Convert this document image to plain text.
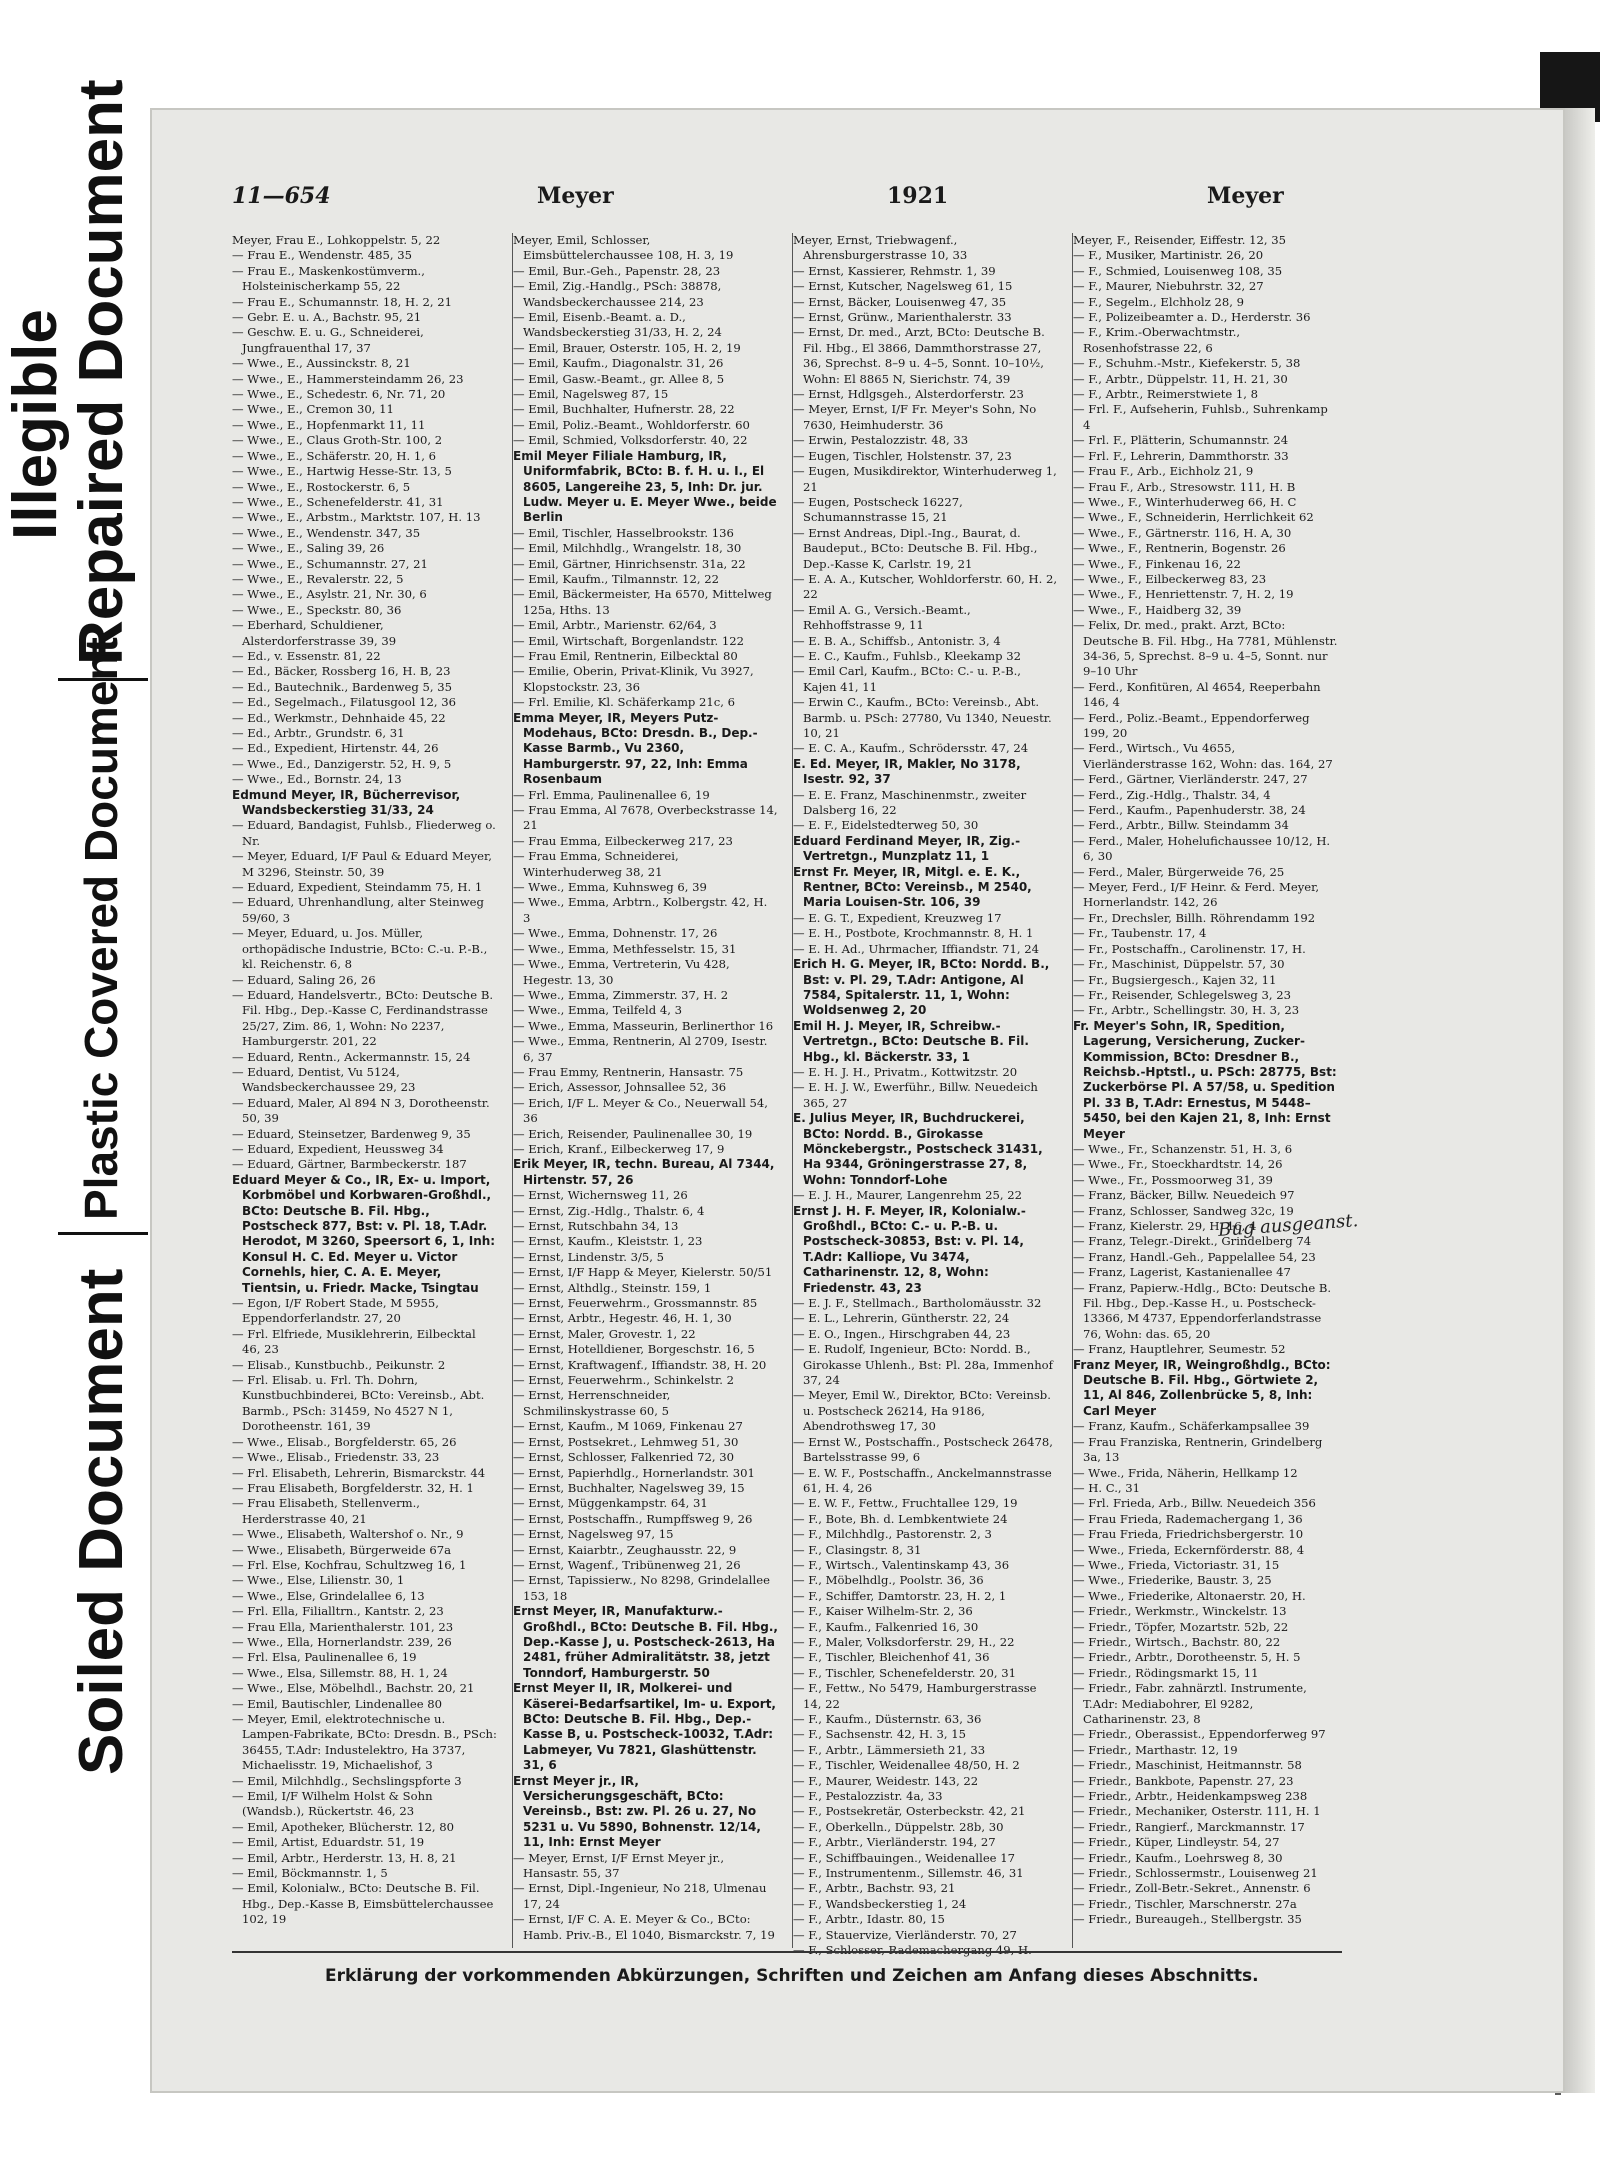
Illegible
Repaired Document
Plastic Covered Document
Soiled Document
11—654	Meyer	1921	Meyer
Meyer, Frau E., Lohkoppelstr. 5, 22
— Frau E., Wendenstr. 485, 35
— Frau E., Maskenkostümverm., Holsteinischerkamp 55, 22
— Frau E., Schumannstr. 18, H. 2, 21
— Gebr. E. u. A., Bachstr. 95, 21
— Geschw. E. u. G., Schneiderei, Jungfrauenthal 17, 37
— Wwe., E., Aussinckstr. 8, 21
— Wwe., E., Hammersteindamm 26, 23
— Wwe., E., Schedestr. 6, Nr. 71, 20
— Wwe., E., Cremon 30, 11
— Wwe., E., Hopfenmarkt 11, 11
— Wwe., E., Claus Groth-Str. 100, 2
— Wwe., E., Schäferstr. 20, H. 1, 6
— Wwe., E., Hartwig Hesse-Str. 13, 5
— Wwe., E., Rostockerstr. 6, 5
— Wwe., E., Schenefelderstr. 41, 31
— Wwe., E., Arbstm., Marktstr. 107, H. 13
— Wwe., E., Wendenstr. 347, 35
— Wwe., E., Saling 39, 26
— Wwe., E., Schumannstr. 27, 21
— Wwe., E., Revalerstr. 22, 5
— Wwe., E., Asylstr. 21, Nr. 30, 6
— Wwe., E., Speckstr. 80, 36
— Eberhard, Schuldiener, Alsterdorferstrasse 39, 39
— Ed., v. Essenstr. 81, 22
— Ed., Bäcker, Rossberg 16, H. B, 23
— Ed., Bautechnik., Bardenweg 5, 35
— Ed., Segelmach., Filatusgool 12, 36
— Ed., Werkmstr., Dehnhaide 45, 22
— Ed., Arbtr., Grundstr. 6, 31
— Ed., Expedient, Hirtenstr. 44, 26
— Wwe., Ed., Danzigerstr. 52, H. 9, 5
— Wwe., Ed., Bornstr. 24, 13
Edmund Meyer, IR, Bücherrevisor, Wandsbeckerstieg 31/33, 24
— Eduard, Bandagist, Fuhlsb., Fliederweg o. Nr.
— Meyer, Eduard, I/F Paul & Eduard Meyer, M 3296, Steinstr. 50, 39
— Eduard, Expedient, Steindamm 75, H. 1
— Eduard, Uhrenhandlung, alter Steinweg 59/60, 3
— Meyer, Eduard, u. Jos. Müller, orthopädische Industrie, BCto: C.-u. P.-B., kl. Reichenstr. 6, 8
— Eduard, Saling 26, 26
— Eduard, Handelsvertr., BCto: Deutsche B. Fil. Hbg., Dep.-Kasse C, Ferdinandstrasse 25/27, Zim. 86, 1, Wohn: No 2237, Hamburgerstr. 201, 22
— Eduard, Rentn., Ackermannstr. 15, 24
— Eduard, Dentist, Vu 5124, Wandsbeckerchaussee 29, 23
— Eduard, Maler, Al 894 N 3, Dorotheenstr. 50, 39
— Eduard, Steinsetzer, Bardenweg 9, 35
— Eduard, Expedient, Heussweg 34
— Eduard, Gärtner, Barmbeckerstr. 187
Eduard Meyer & Co., IR, Ex- u. Import, Korbmöbel und Korbwaren-Großhdl., BCto: Deutsche B. Fil. Hbg., Postscheck 877, Bst: v. Pl. 18, T.Adr. Herodot, M 3260, Speersort 6, 1, Inh: Konsul H. C. Ed. Meyer u. Victor Cornehls, hier, C. A. E. Meyer, Tientsin, u. Friedr. Macke, Tsingtau
— Egon, I/F Robert Stade, M 5955, Eppendorferlandstr. 27, 20
— Frl. Elfriede, Musiklehrerin, Eilbecktal 46, 23
— Elisab., Kunstbuchb., Peikunstr. 2
— Frl. Elisab. u. Frl. Th. Dohrn, Kunstbuchbinderei, BCto: Vereinsb., Abt. Barmb., PSch: 31459, No 4527 N 1, Dorotheenstr. 161, 39
— Wwe., Elisab., Borgfelderstr. 65, 26
— Wwe., Elisab., Friedenstr. 33, 23
— Frl. Elisabeth, Lehrerin, Bismarckstr. 44
— Frau Elisabeth, Borgfelderstr. 32, H. 1
— Frau Elisabeth, Stellenverm., Herderstrasse 40, 21
— Wwe., Elisabeth, Waltershof o. Nr., 9
— Wwe., Elisabeth, Bürgerweide 67a
— Frl. Else, Kochfrau, Schultzweg 16, 1
— Wwe., Else, Lilienstr. 30, 1
— Wwe., Else, Grindelallee 6, 13
— Frl. Ella, Filialltrn., Kantstr. 2, 23
— Frau Ella, Marienthalerstr. 101, 23
— Wwe., Ella, Hornerlandstr. 239, 26
— Frl. Elsa, Paulinenallee 6, 19
— Wwe., Elsa, Sillemstr. 88, H. 1, 24
— Wwe., Else, Möbelhdl., Bachstr. 20, 21
— Emil, Bautischler, Lindenallee 80
— Meyer, Emil, elektrotechnische u. Lampen-Fabrikate, BCto: Dresdn. B., PSch: 36455, T.Adr: Industelektro, Ha 3737, Michaelisstr. 19, Michaelishof, 3
— Emil, Milchhdlg., Sechslingspforte 3
— Emil, I/F Wilhelm Holst & Sohn (Wandsb.), Rückertstr. 46, 23
— Emil, Apotheker, Blücherstr. 12, 80
— Emil, Artist, Eduardstr. 51, 19
— Emil, Arbtr., Herderstr. 13, H. 8, 21
— Emil, Böckmannstr. 1, 5
— Emil, Kolonialw., BCto: Deutsche B. Fil. Hbg., Dep.-Kasse B, Eimsbüttelerchaussee 102, 19
Meyer, Emil, Schlosser, Eimsbüttelerchaussee 108, H. 3, 19
— Emil, Bur.-Geh., Papenstr. 28, 23
— Emil, Zig.-Handlg., PSch: 38878, Wandsbeckerchaussee 214, 23
— Emil, Eisenb.-Beamt. a. D., Wandsbeckerstieg 31/33, H. 2, 24
— Emil, Brauer, Osterstr. 105, H. 2, 19
— Emil, Kaufm., Diagonalstr. 31, 26
— Emil, Gasw.-Beamt., gr. Allee 8, 5
— Emil, Nagelsweg 87, 15
— Emil, Buchhalter, Hufnerstr. 28, 22
— Emil, Poliz.-Beamt., Wohldorferstr. 60
— Emil, Schmied, Volksdorferstr. 40, 22
Emil Meyer Filiale Hamburg, IR, Uniformfabrik, BCto: B. f. H. u. I., El 8605, Langereihe 23, 5, Inh: Dr. jur. Ludw. Meyer u. E. Meyer Wwe., beide Berlin
— Emil, Tischler, Hasselbrookstr. 136
— Emil, Milchhdlg., Wrangelstr. 18, 30
— Emil, Gärtner, Hinrichsenstr. 31a, 22
— Emil, Kaufm., Tilmannstr. 12, 22
— Emil, Bäckermeister, Ha 6570, Mittelweg 125a, Hths. 13
— Emil, Arbtr., Marienstr. 62/64, 3
— Emil, Wirtschaft, Borgenlandstr. 122
— Frau Emil, Rentnerin, Eilbecktal 80
— Emilie, Oberin, Privat-Klinik, Vu 3927, Klopstockstr. 23, 36
— Frl. Emilie, Kl. Schäferkamp 21c, 6
Emma Meyer, IR, Meyers Putz-Modehaus, BCto: Dresdn. B., Dep.-Kasse Barmb., Vu 2360, Hamburgerstr. 97, 22, Inh: Emma Rosenbaum
— Frl. Emma, Paulinenallee 6, 19
— Frau Emma, Al 7678, Overbeckstrasse 14, 21
— Frau Emma, Eilbeckerweg 217, 23
— Frau Emma, Schneiderei, Winterhuderweg 38, 21
— Wwe., Emma, Kuhnsweg 6, 39
— Wwe., Emma, Arbtrn., Kolbergstr. 42, H. 3
— Wwe., Emma, Dohnenstr. 17, 26
— Wwe., Emma, Methfesselstr. 15, 31
— Wwe., Emma, Vertreterin, Vu 428, Hegestr. 13, 30
— Wwe., Emma, Zimmerstr. 37, H. 2
— Wwe., Emma, Teilfeld 4, 3
— Wwe., Emma, Masseurin, Berlinerthor 16
— Wwe., Emma, Rentnerin, Al 2709, Isestr. 6, 37
— Frau Emmy, Rentnerin, Hansastr. 75
— Erich, Assessor, Johnsallee 52, 36
— Erich, I/F L. Meyer & Co., Neuerwall 54, 36
— Erich, Reisender, Paulinenallee 30, 19
— Erich, Kranf., Eilbeckerweg 17, 9
Erik Meyer, IR, techn. Bureau, Al 7344, Hirtenstr. 57, 26
— Ernst, Wichernsweg 11, 26
— Ernst, Zig.-Hdlg., Thalstr. 6, 4
— Ernst, Rutschbahn 34, 13
— Ernst, Kaufm., Kleiststr. 1, 23
— Ernst, Lindenstr. 3/5, 5
— Ernst, I/F Happ & Meyer, Kielerstr. 50/51
— Ernst, Althdlg., Steinstr. 159, 1
— Ernst, Feuerwehrm., Grossmannstr. 85
— Ernst, Arbtr., Hegestr. 46, H. 1, 30
— Ernst, Maler, Grovestr. 1, 22
— Ernst, Hotelldiener, Borgeschstr. 16, 5
— Ernst, Kraftwagenf., Iffiandstr. 38, H. 20
— Ernst, Feuerwehrm., Schinkelstr. 2
— Ernst, Herrenschneider, Schmilinskystrasse 60, 5
— Ernst, Kaufm., M 1069, Finkenau 27
— Ernst, Postsekret., Lehmweg 51, 30
— Ernst, Schlosser, Falkenried 72, 30
— Ernst, Papierhdlg., Hornerlandstr. 301
— Ernst, Buchhalter, Nagelsweg 39, 15
— Ernst, Müggenkampstr. 64, 31
— Ernst, Postschaffn., Rumpffsweg 9, 26
— Ernst, Nagelsweg 97, 15
— Ernst, Kaiarbtr., Zeughausstr. 22, 9
— Ernst, Wagenf., Tribünenweg 21, 26
— Ernst, Tapissierw., No 8298, Grindelallee 153, 18
Ernst Meyer, IR, Manufakturw.-Großhdl., BCto: Deutsche B. Fil. Hbg., Dep.-Kasse J, u. Postscheck-2613, Ha 2481, früher Admiralitätstr. 38, jetzt Tonndorf, Hamburgerstr. 50
Ernst Meyer II, IR, Molkerei- und Käserei-Bedarfsartikel, Im- u. Export, BCto: Deutsche B. Fil. Hbg., Dep.-Kasse B, u. Postscheck-10032, T.Adr: Labmeyer, Vu 7821, Glashüttenstr. 31, 6
Ernst Meyer jr., IR, Versicherungsgeschäft, BCto: Vereinsb., Bst: zw. Pl. 26 u. 27, No 5231 u. Vu 5890, Bohnenstr. 12/14, 11, Inh: Ernst Meyer
— Meyer, Ernst, I/F Ernst Meyer jr., Hansastr. 55, 37
— Ernst, Dipl.-Ingenieur, No 218, Ulmenau 17, 24
— Ernst, I/F C. A. E. Meyer & Co., BCto: Hamb. Priv.-B., El 1040, Bismarckstr. 7, 19
Meyer, Ernst, Triebwagenf., Ahrensburgerstrasse 10, 33
— Ernst, Kassierer, Rehmstr. 1, 39
— Ernst, Kutscher, Nagelsweg 61, 15
— Ernst, Bäcker, Louisenweg 47, 35
— Ernst, Grünw., Marienthalerstr. 33
— Ernst, Dr. med., Arzt, BCto: Deutsche B. Fil. Hbg., El 3866, Dammthorstrasse 27, 36, Sprechst. 8–9 u. 4–5, Sonnt. 10–10½, Wohn: El 8865 N, Sierichstr. 74, 39
— Ernst, Hdlgsgeh., Alsterdorferstr. 23
— Meyer, Ernst, I/F Fr. Meyer's Sohn, No 7630, Heimhuderstr. 36
— Erwin, Pestalozzistr. 48, 33
— Eugen, Tischler, Holstenstr. 37, 23
— Eugen, Musikdirektor, Winterhuderweg 1, 21
— Eugen, Postscheck 16227, Schumannstrasse 15, 21
— Ernst Andreas, Dipl.-Ing., Baurat, d. Baudeput., BCto: Deutsche B. Fil. Hbg., Dep.-Kasse K, Carlstr. 19, 21
— E. A. A., Kutscher, Wohldorferstr. 60, H. 2, 22
— Emil A. G., Versich.-Beamt., Rehhoffstrasse 9, 11
— E. B. A., Schiffsb., Antonistr. 3, 4
— E. C., Kaufm., Fuhlsb., Kleekamp 32
— Emil Carl, Kaufm., BCto: C.- u. P.-B., Kajen 41, 11
— Erwin C., Kaufm., BCto: Vereinsb., Abt. Barmb. u. PSch: 27780, Vu 1340, Neuestr. 10, 21
— E. C. A., Kaufm., Schrödersstr. 47, 24
E. Ed. Meyer, IR, Makler, No 3178, Isestr. 92, 37
— E. E. Franz, Maschinenmstr., zweiter Dalsberg 16, 22
— E. F., Eidelstedterweg 50, 30
Eduard Ferdinand Meyer, IR, Zig.-Vertretgn., Munzplatz 11, 1
Ernst Fr. Meyer, IR, Mitgl. e. E. K., Rentner, BCto: Vereinsb., M 2540, Maria Louisen-Str. 106, 39
— E. G. T., Expedient, Kreuzweg 17
— E. H., Postbote, Krochmannstr. 8, H. 1
— E. H. Ad., Uhrmacher, Iffiandstr. 71, 24
Erich H. G. Meyer, IR, BCto: Nordd. B., Bst: v. Pl. 29, T.Adr: Antigone, Al 7584, Spitalerstr. 11, 1, Wohn: Woldsenweg 2, 20
Emil H. J. Meyer, IR, Schreibw.-Vertretgn., BCto: Deutsche B. Fil. Hbg., kl. Bäckerstr. 33, 1
— E. H. J. H., Privatm., Kottwitzstr. 20
— E. H. J. W., Ewerführ., Billw. Neuedeich 365, 27
E. Julius Meyer, IR, Buchdruckerei, BCto: Nordd. B., Girokasse Mönckebergstr., Postscheck 31431, Ha 9344, Gröningerstrasse 27, 8, Wohn: Tonndorf-Lohe
— E. J. H., Maurer, Langenrehm 25, 22
Ernst J. H. F. Meyer, IR, Kolonialw.-Großhdl., BCto: C.- u. P.-B. u. Postscheck-30853, Bst: v. Pl. 14, T.Adr: Kalliope, Vu 3474, Catharinenstr. 12, 8, Wohn: Friedenstr. 43, 23
— E. J. F., Stellmach., Bartholomäusstr. 32
— E. L., Lehrerin, Güntherstr. 22, 24
— E. O., Ingen., Hirschgraben 44, 23
— E. Rudolf, Ingenieur, BCto: Nordd. B., Girokasse Uhlenh., Bst: Pl. 28a, Immenhof 37, 24
— Meyer, Emil W., Direktor, BCto: Vereinsb. u. Postscheck 26214, Ha 9186, Abendrothsweg 17, 30
— Ernst W., Postschaffn., Postscheck 26478, Bartelsstrasse 99, 6
— E. W. F., Postschaffn., Anckelmannstrasse 61, H. 4, 26
— E. W. F., Fettw., Fruchtallee 129, 19
— F., Bote, Bh. d. Lembkentwiete 24
— F., Milchhdlg., Pastorenstr. 2, 3
— F., Clasingstr. 8, 31
— F., Wirtsch., Valentinskamp 43, 36
— F., Möbelhdlg., Poolstr. 36, 36
— F., Schiffer, Damtorstr. 23, H. 2, 1
— F., Kaiser Wilhelm-Str. 2, 36
— F., Kaufm., Falkenried 16, 30
— F., Maler, Volksdorferstr. 29, H., 22
— F., Tischler, Bleichenhof 41, 36
— F., Tischler, Schenefelderstr. 20, 31
— F., Fettw., No 5479, Hamburgerstrasse 14, 22
— F., Kaufm., Düsternstr. 63, 36
— F., Sachsenstr. 42, H. 3, 15
— F., Arbtr., Lämmersieth 21, 33
— F., Tischler, Weidenallee 48/50, H. 2
— F., Maurer, Weidestr. 143, 22
— F., Pestalozzistr. 4a, 33
— F., Postsekretär, Osterbeckstr. 42, 21
— F., Oberkelln., Düppelstr. 28b, 30
— F., Arbtr., Vierländerstr. 194, 27
— F., Schiffbauingen., Weidenallee 17
— F., Instrumentenm., Sillemstr. 46, 31
— F., Arbtr., Bachstr. 93, 21
— F., Wandsbeckerstieg 1, 24
— F., Arbtr., Idastr. 80, 15
— F., Stauervize, Vierländerstr. 70, 27
Meyer, F., Reisender, Eiffestr. 12, 35
— F., Musiker, Martinistr. 26, 20
— F., Schmied, Louisenweg 108, 35
— F., Maurer, Niebuhrstr. 32, 27
— F., Segelm., Elchholz 28, 9
— F., Polizeibeamter a. D., Herderstr. 36
— F., Krim.-Oberwachtmstr., Rosenhofstrasse 22, 6
— F., Schuhm.-Mstr., Kiefekerstr. 5, 38
— F., Arbtr., Düppelstr. 11, H. 21, 30
— F., Arbtr., Reimerstwiete 1, 8
— Frl. F., Aufseherin, Fuhlsb., Suhrenkamp 4
— Frl. F., Plätterin, Schumannstr. 24
— Frl. F., Lehrerin, Dammthorstr. 33
— Frau F., Arb., Eichholz 21, 9
— Frau F., Arb., Stresowstr. 111, H. B
— Wwe., F., Winterhuderweg 66, H. C
— Wwe., F., Schneiderin, Herrlichkeit 62
— Wwe., F., Gärtnerstr. 116, H. A, 30
— Wwe., F., Rentnerin, Bogenstr. 26
— Wwe., F., Finkenau 16, 22
— Wwe., F., Eilbeckerweg 83, 23
— Wwe., F., Henriettenstr. 7, H. 2, 19
— Wwe., F., Haidberg 32, 39
— Felix, Dr. med., prakt. Arzt, BCto: Deutsche B. Fil. Hbg., Ha 7781, Mühlenstr. 34-36, 5, Sprechst. 8–9 u. 4–5, Sonnt. nur 9–10 Uhr
— Ferd., Konfitüren, Al 4654, Reeperbahn 146, 4
— Ferd., Poliz.-Beamt., Eppendorferweg 199, 20
— Ferd., Wirtsch., Vu 4655, Vierländerstrasse 162, Wohn: das. 164, 27
— Ferd., Gärtner, Vierländerstr. 247, 27
— Ferd., Zig.-Hdlg., Thalstr. 34, 4
— Ferd., Kaufm., Papenhuderstr. 38, 24
— Ferd., Arbtr., Billw. Steindamm 34
— Ferd., Maler, Hohelufichaussee 10/12, H. 6, 30
— Ferd., Maler, Bürgerweide 76, 25
— Meyer, Ferd., I/F Heinr. & Ferd. Meyer, Hornerlandstr. 142, 26
— Fr., Drechsler, Billh. Röhrendamm 192
— Fr., Taubenstr. 17, 4
— Fr., Postschaffn., Carolinenstr. 17, H.
— Fr., Maschinist, Düppelstr. 57, 30
— Fr., Bugsiergesch., Kajen 32, 11
— Fr., Reisender, Schlegelsweg 3, 23
— Fr., Arbtr., Schellingstr. 30, H. 3, 23
Fr. Meyer's Sohn, IR, Spedition, Lagerung, Versicherung, Zucker-Kommission, BCto: Dresdner B., Reichsb.-Hptstl., u. PSch: 28775, Bst: Zuckerbörse Pl. A 57/58, u. Spedition Pl. 33 B, T.Adr: Ernestus, M 5448–5450, bei den Kajen 21, 8, Inh: Ernst Meyer
— Wwe., Fr., Schanzenstr. 51, H. 3, 6
— Wwe., Fr., Stoeckhardtstr. 14, 26
— Wwe., Fr., Possmoorweg 31, 39
— Franz, Bäcker, Billw. Neuedeich 97
— Franz, Schlosser, Sandweg 32c, 19
— Franz, Kielerstr. 29, H. 16, 4
— Franz, Telegr.-Direkt., Grindelberg 74
— Franz, Handl.-Geh., Pappelallee 54, 23
— Franz, Lagerist, Kastanienallee 47
— Franz, Papierw.-Hdlg., BCto: Deutsche B. Fil. Hbg., Dep.-Kasse H., u. Postscheck-13366, M 4737, Eppendorferlandstrasse 76, Wohn: das. 65, 20
— Franz, Hauptlehrer, Seumestr. 52
Franz Meyer, IR, Weingroßhdlg., BCto: Deutsche B. Fil. Hbg., Görtwiete 2, 11, Al 846, Zollenbrücke 5, 8, Inh: Carl Meyer
— Franz, Kaufm., Schäferkampsallee 39
— Frau Franziska, Rentnerin, Grindelberg 3a, 13
— Wwe., Frida, Näherin, Hellkamp 12
— H. C., 31
— Frl. Frieda, Arb., Billw. Neuedeich 356
— Frau Frieda, Rademachergang 1, 36
— Frau Frieda, Friedrichsbergerstr. 10
— Wwe., Frieda, Eckernförderstr. 88, 4
— Wwe., Frieda, Victoriastr. 31, 15
— Wwe., Friederike, Baustr. 3, 25
— Wwe., Friederike, Altonaerstr. 20, H.
— Friedr., Werkmstr., Winckelstr. 13
— Friedr., Töpfer, Mozartstr. 52b, 22
— Friedr., Wirtsch., Bachstr. 80, 22
— Friedr., Arbtr., Dorotheenstr. 5, H. 5
— Friedr., Rödingsmarkt 15, 11
— Friedr., Fabr. zahnärztl. Instrumente, T.Adr: Mediabohrer, El 9282, Catharinenstr. 23, 8
— Friedr., Oberassist., Eppendorferweg 97
— Friedr., Marthastr. 12, 19
— Friedr., Maschinist, Heitmannstr. 58
— Friedr., Bankbote, Papenstr. 27, 23
— Friedr., Arbtr., Heidenkampsweg 238
— Friedr., Mechaniker, Osterstr. 111, H. 1
— Friedr., Rangierf., Marckmannstr. 17
— Friedr., Küper, Lindleystr. 54, 27
— Friedr., Kaufm., Loehrsweg 8, 30
— Friedr., Schlossermstr., Louisenweg 21
— Friedr., Zoll-Betr.-Sekret., Annenstr. 6
— Friedr., Tischler, Marschnerstr. 27a
— Friedr., Bureaugeh., Stellbergstr. 35
Erklärung der vorkommenden Abkürzungen, Schriften und Zeichen am Anfang dieses Abschnitts.
Bug ausgeanst.
